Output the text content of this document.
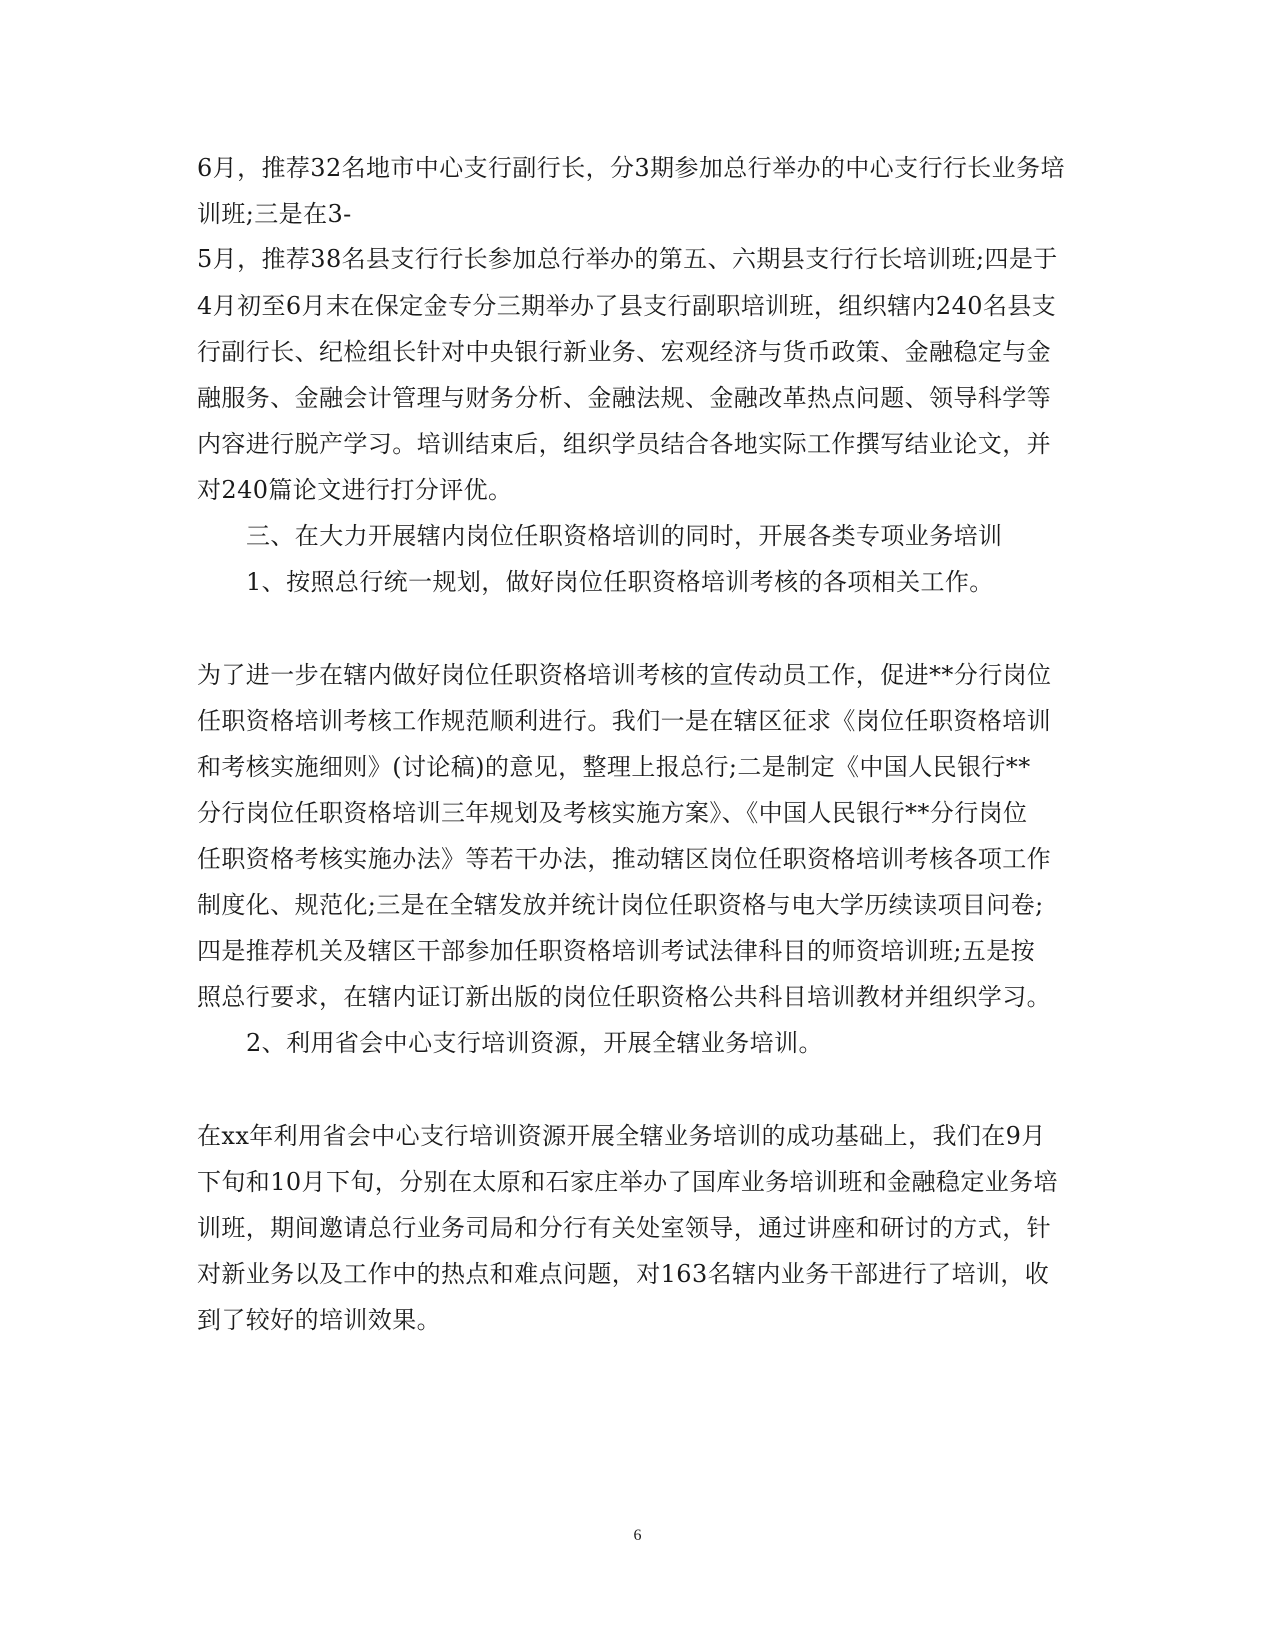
6月，推荐32名地市中心支行副行长，分3期参加总行举办的中心支行行长业务培
训班;三是在3-
5月，推荐38名县支行行长参加总行举办的第五、六期县支行行长培训班;四是于
4月初至6月末在保定金专分三期举办了县支行副职培训班，组织辖内240名县支
行副行长、纪检组长针对中央银行新业务、宏观经济与货币政策、金融稳定与金
融服务、金融会计管理与财务分析、金融法规、金融改革热点问题、领导科学等
内容进行脱产学习。培训结束后，组织学员结合各地实际工作撰写结业论文，并
对240篇论文进行打分评优。
三、在大力开展辖内岗位任职资格培训的同时，开展各类专项业务培训
1、按照总行统一规划，做好岗位任职资格培训考核的各项相关工作。
为了进一步在辖内做好岗位任职资格培训考核的宣传动员工作，促进**分行岗位
任职资格培训考核工作规范顺利进行。我们一是在辖区征求《岗位任职资格培训
和考核实施细则》(讨论稿)的意见，整理上报总行;二是制定《中国人民银行**
分行岗位任职资格培训三年规划及考核实施方案》、《中国人民银行**分行岗位
任职资格考核实施办法》等若干办法，推动辖区岗位任职资格培训考核各项工作
制度化、规范化;三是在全辖发放并统计岗位任职资格与电大学历续读项目问卷;
四是推荐机关及辖区干部参加任职资格培训考试法律科目的师资培训班;五是按
照总行要求，在辖内证订新出版的岗位任职资格公共科目培训教材并组织学习。
2、利用省会中心支行培训资源，开展全辖业务培训。
在xx年利用省会中心支行培训资源开展全辖业务培训的成功基础上，我们在9月
下旬和10月下旬，分别在太原和石家庄举办了国库业务培训班和金融稳定业务培
训班，期间邀请总行业务司局和分行有关处室领导，通过讲座和研讨的方式，针
对新业务以及工作中的热点和难点问题，对163名辖内业务干部进行了培训，收
到了较好的培训效果。
6
